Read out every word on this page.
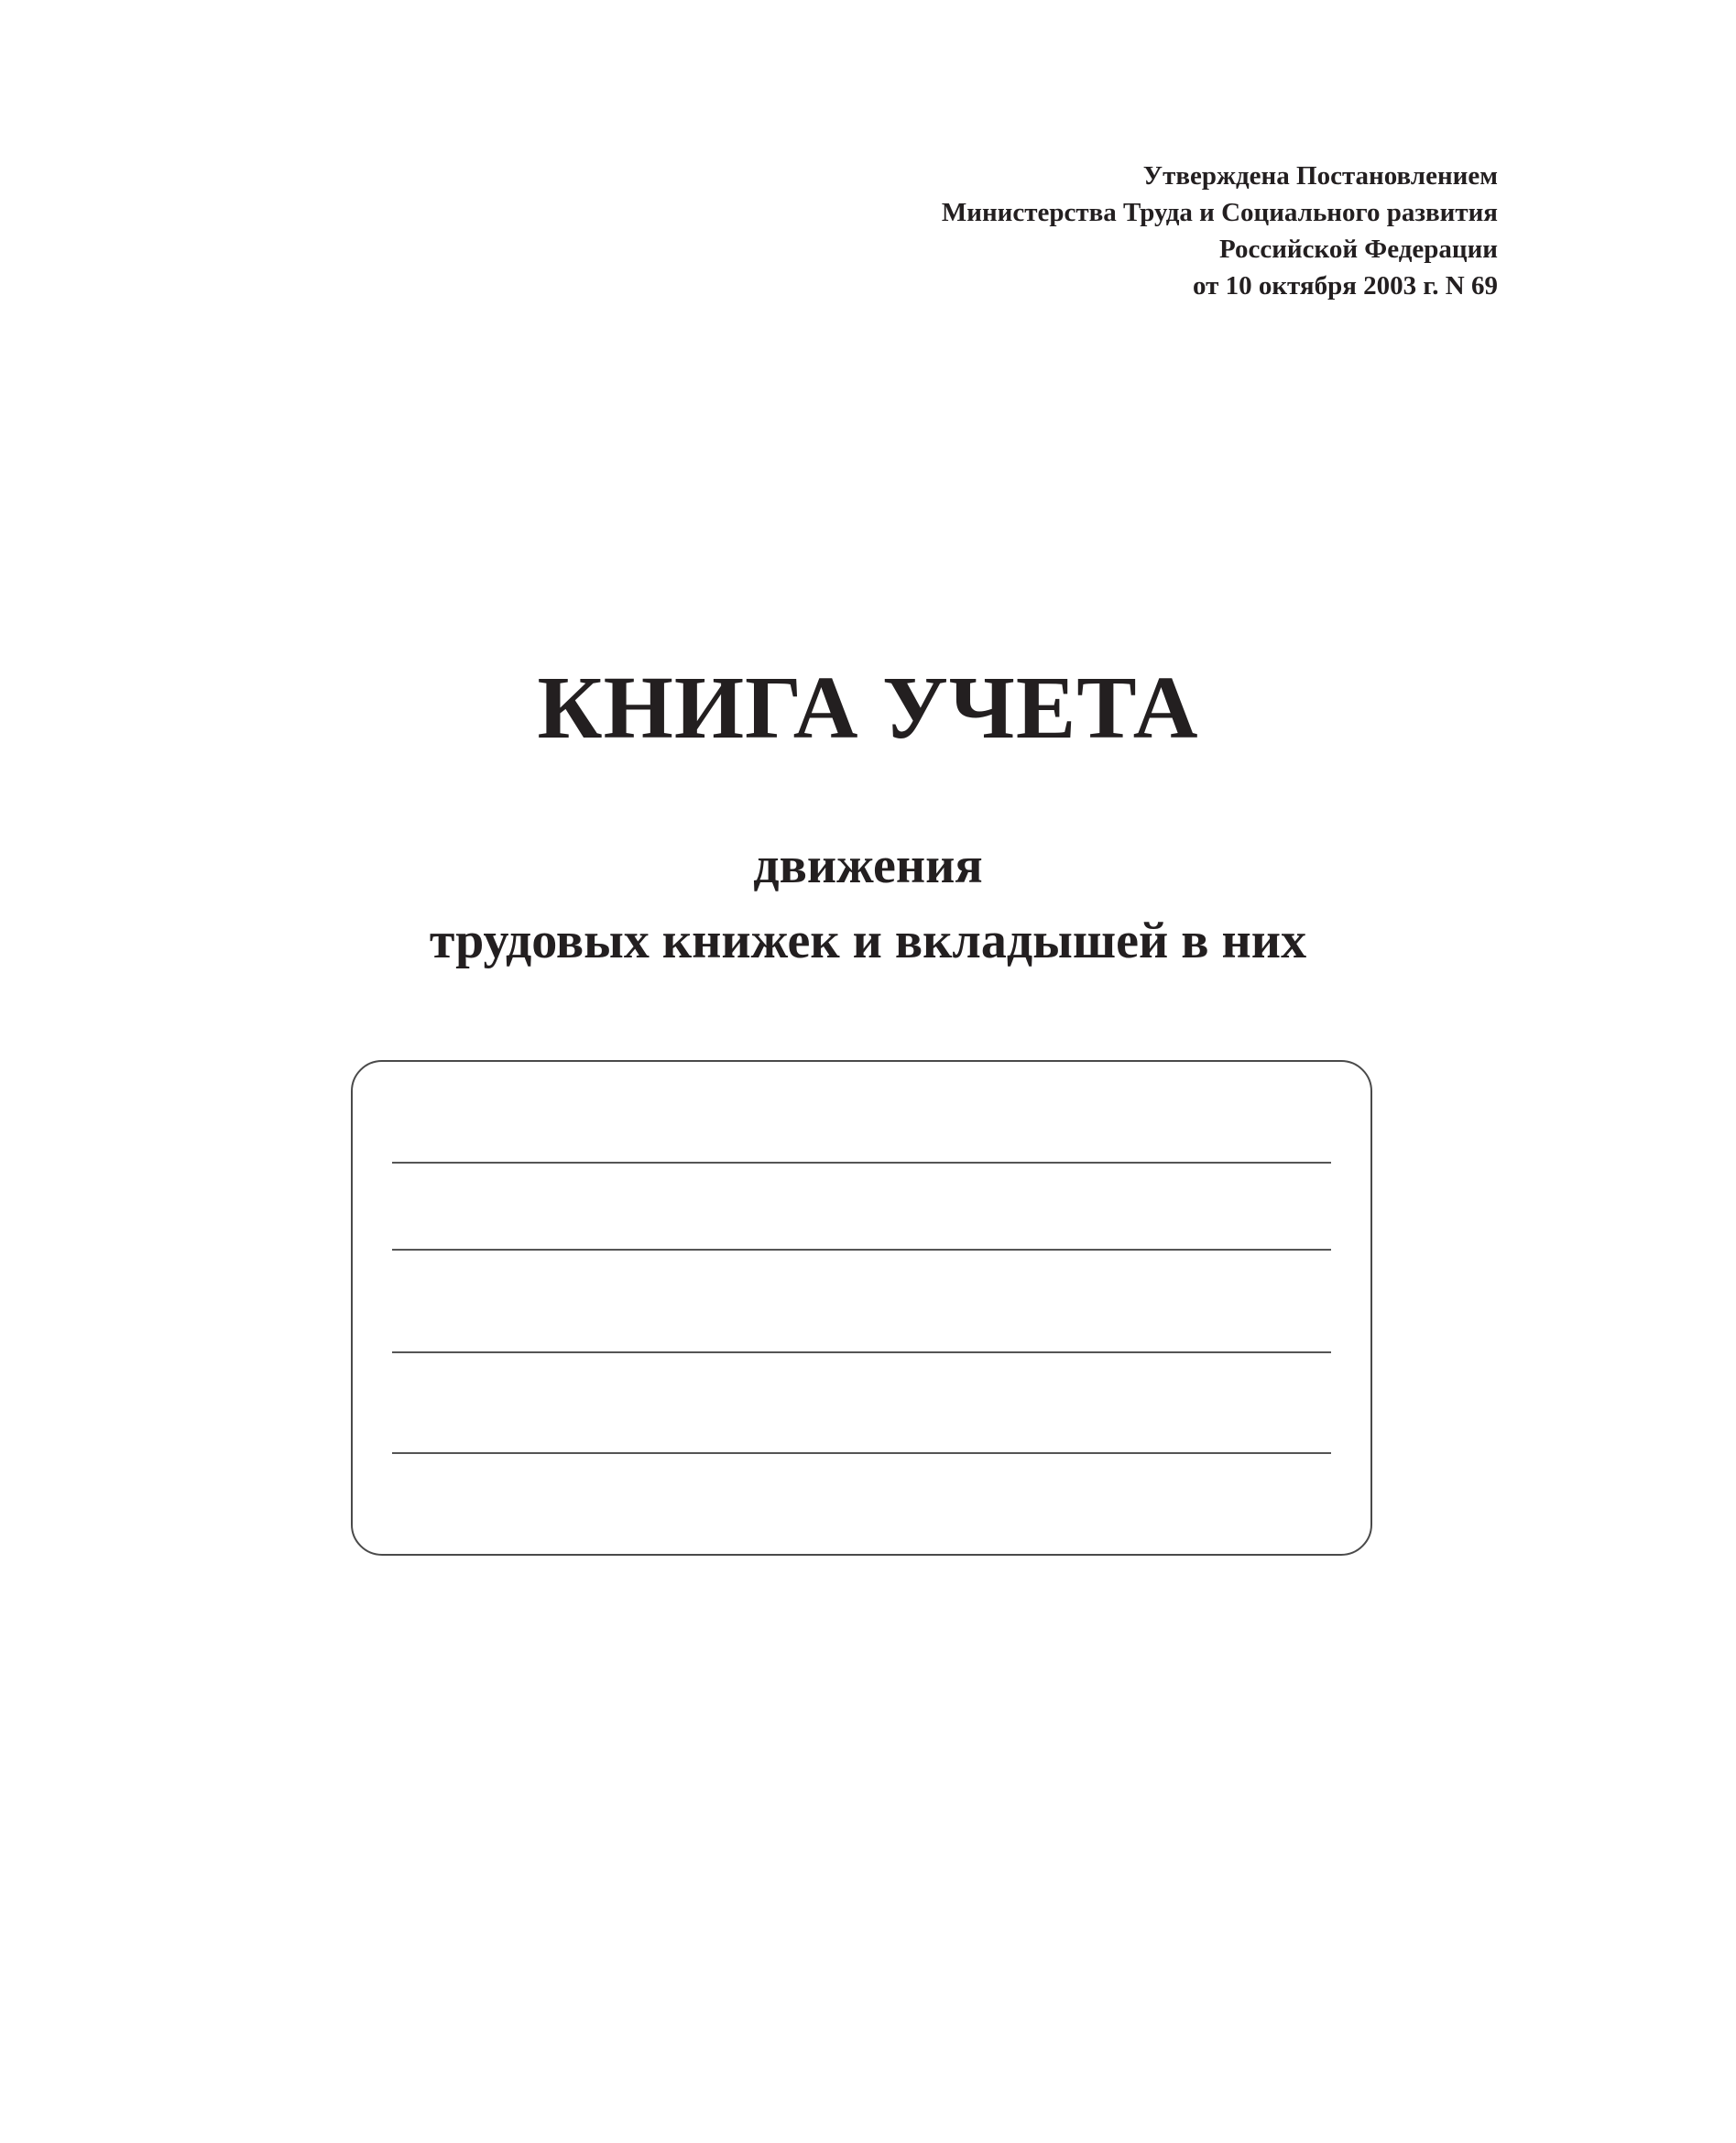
Утверждена Постановлением
Министерства Труда и Социального развития
Российской Федерации
от 10 октября 2003 г. N 69
КНИГА УЧЕТА
движения
трудовых книжек и вкладышей в них
